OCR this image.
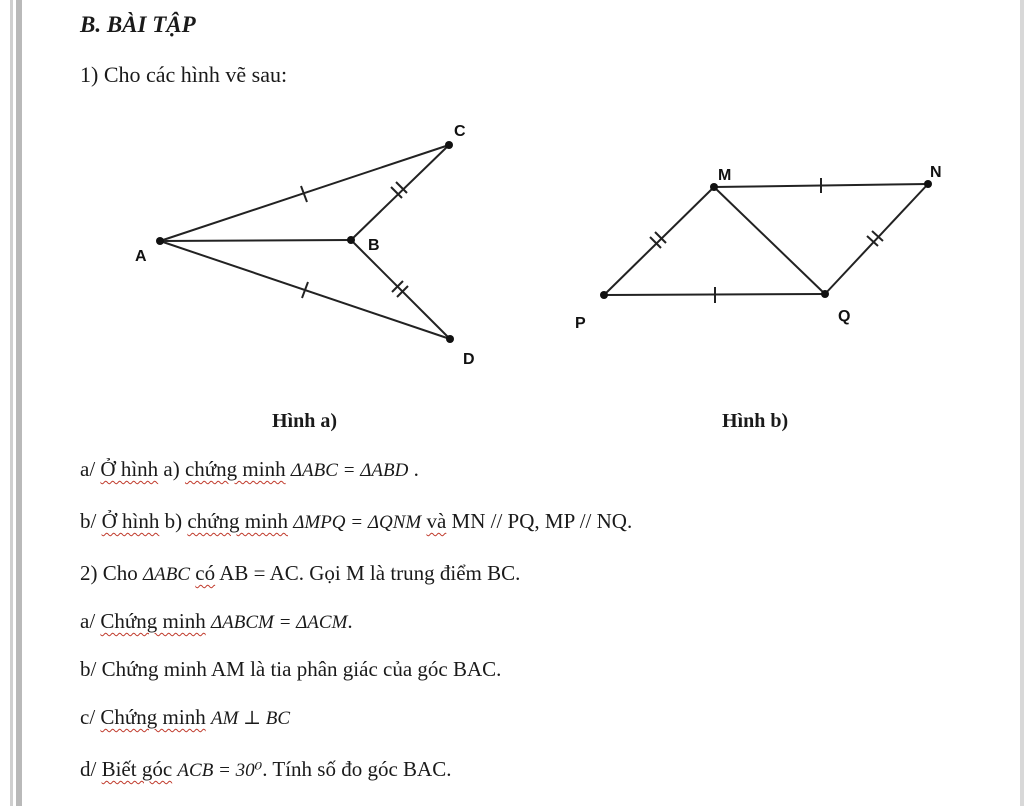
B. BÀI TẬP
1) Cho các hình vẽ sau:
A
B
C
D
M	N
P	Q
Hình a)	Hình b)
a/ Ở hình a) chứng minh ΔABC = ΔABD .
b/ Ở hình b) chứng minh ΔMPQ = ΔQNM và MN // PQ, MP // NQ.
2) Cho ΔABC có AB = AC. Gọi M là trung điểm BC.
a/ Chứng minh ΔABCM = ΔACM.
b/ Chứng minh AM là tia phân giác của góc BAC.
c/ Chứng minh AM ⊥ BC
d/ Biết góc ACB = 30⁰. Tính số đo góc BAC.
